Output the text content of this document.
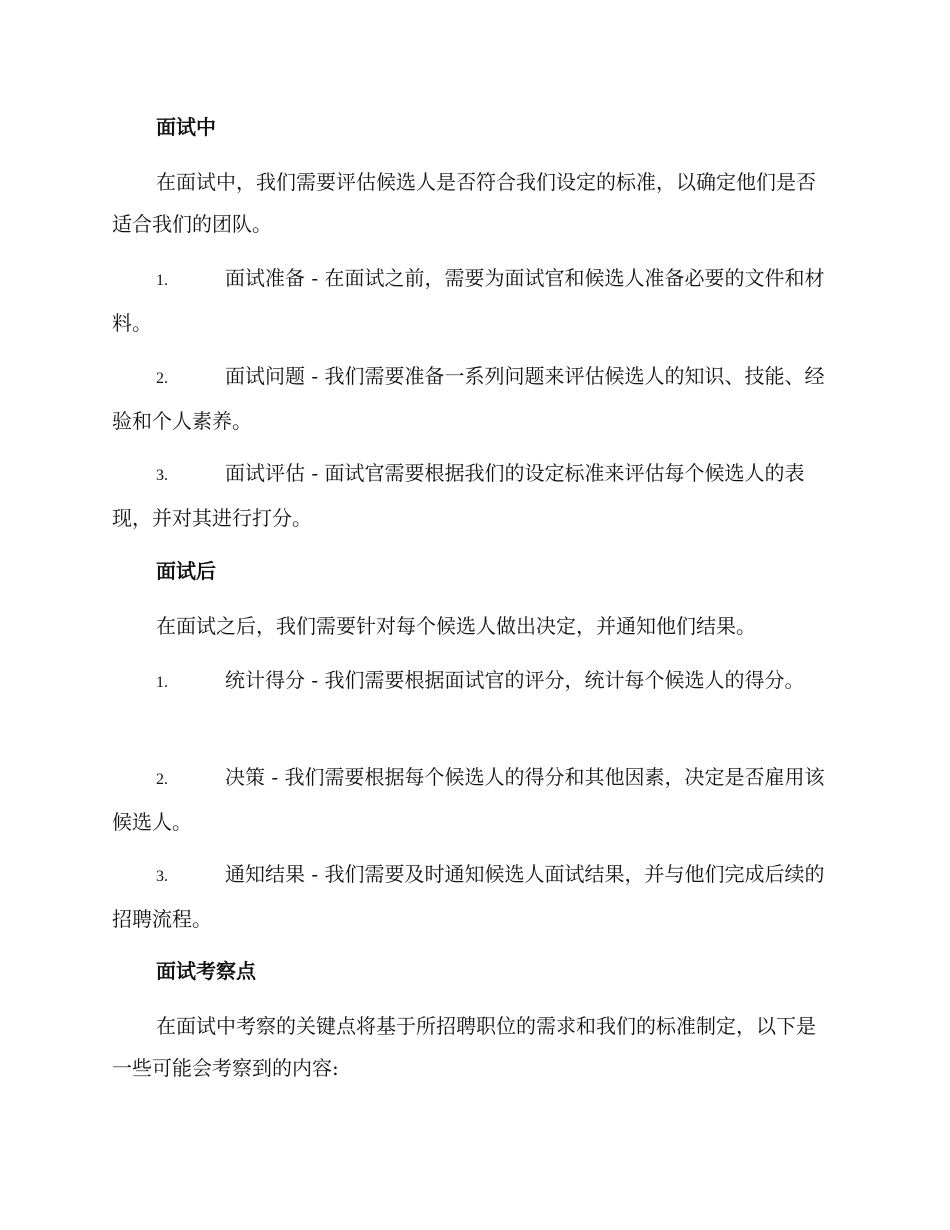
面试中
在面试中，我们需要评估候选人是否符合我们设定的标准，以确定他们是否适合我们的团队。
1.	面试准备 - 在面试之前，需要为面试官和候选人准备必要的文件和材料。
2.	面试问题 - 我们需要准备一系列问题来评估候选人的知识、技能、经验和个人素养。
3.	面试评估 - 面试官需要根据我们的设定标准来评估每个候选人的表现，并对其进行打分。
面试后
在面试之后，我们需要针对每个候选人做出决定，并通知他们结果。
1.	统计得分 - 我们需要根据面试官的评分，统计每个候选人的得分。
2.	决策 - 我们需要根据每个候选人的得分和其他因素，决定是否雇用该候选人。
3.	通知结果 - 我们需要及时通知候选人面试结果，并与他们完成后续的招聘流程。
面试考察点
在面试中考察的关键点将基于所招聘职位的需求和我们的标准制定，以下是一些可能会考察到的内容:
